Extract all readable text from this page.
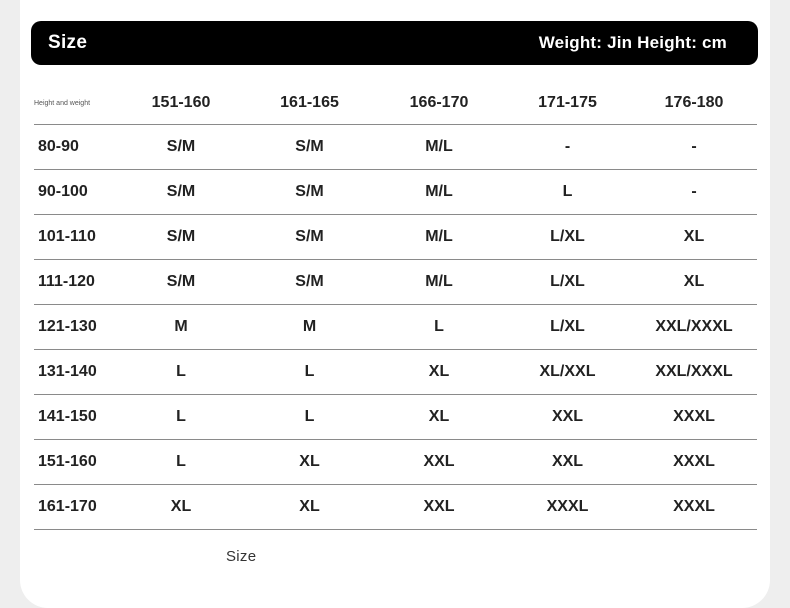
Size	Weight: Jin Height: cm
Height and weight	151-160	161-165	166-170	171-175	176-180
80-90	S/M	S/M	M/L	-	-
90-100	S/M	S/M	M/L	L	-
101-110	S/M	S/M	M/L	L/XL	XL
111-120	S/M	S/M	M/L	L/XL	XL
121-130	M	M	L	L/XL	XXL/XXXL
131-140	L	L	XL	XL/XXL	XXL/XXXL
141-150	L	L	XL	XXL	XXXL
151-160	L	XL	XXL	XXL	XXXL
161-170	XL	XL	XXL	XXXL	XXXL
Size
